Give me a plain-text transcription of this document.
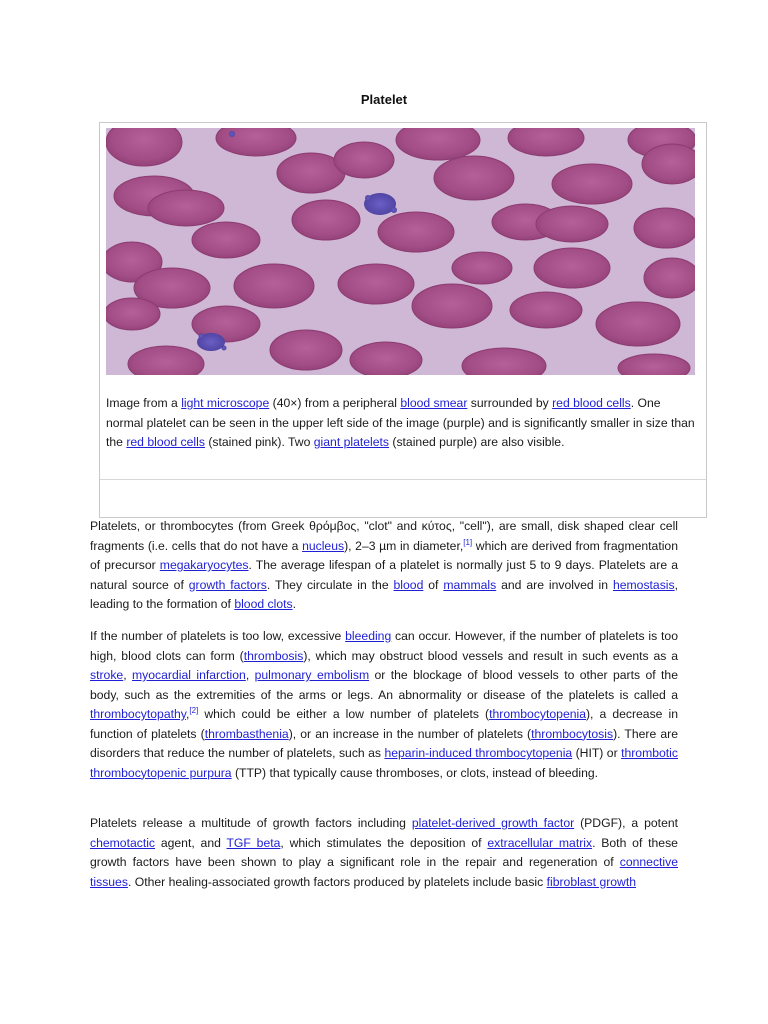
Platelet
Image from a light microscope (40×) from a peripheral blood smear surrounded by red blood cells. One normal platelet can be seen in the upper left side of the image (purple) and is significantly smaller in size than the red blood cells (stained pink). Two giant platelets (stained purple) are also visible.
Platelets, or thrombocytes (from Greek θρόμβος, "clot" and κύτος, "cell"), are small, disk shaped clear cell fragments (i.e. cells that do not have a nucleus), 2–3 µm in diameter,[1] which are derived from fragmentation of precursor megakaryocytes. The average lifespan of a platelet is normally just 5 to 9 days. Platelets are a natural source of growth factors. They circulate in the blood of mammals and are involved in hemostasis, leading to the formation of blood clots.
If the number of platelets is too low, excessive bleeding can occur. However, if the number of platelets is too high, blood clots can form (thrombosis), which may obstruct blood vessels and result in such events as a stroke, myocardial infarction, pulmonary embolism or the blockage of blood vessels to other parts of the body, such as the extremities of the arms or legs. An abnormality or disease of the platelets is called a thrombocytopathy,[2] which could be either a low number of platelets (thrombocytopenia), a decrease in function of platelets (thrombasthenia), or an increase in the number of platelets (thrombocytosis). There are disorders that reduce the number of platelets, such as heparin-induced thrombocytopenia (HIT) or thrombotic thrombocytopenic purpura (TTP) that typically cause thromboses, or clots, instead of bleeding.
Platelets release a multitude of growth factors including platelet-derived growth factor (PDGF), a potent chemotactic agent, and TGF beta, which stimulates the deposition of extracellular matrix. Both of these growth factors have been shown to play a significant role in the repair and regeneration of connective tissues. Other healing-associated growth factors produced by platelets include basic fibroblast growth
